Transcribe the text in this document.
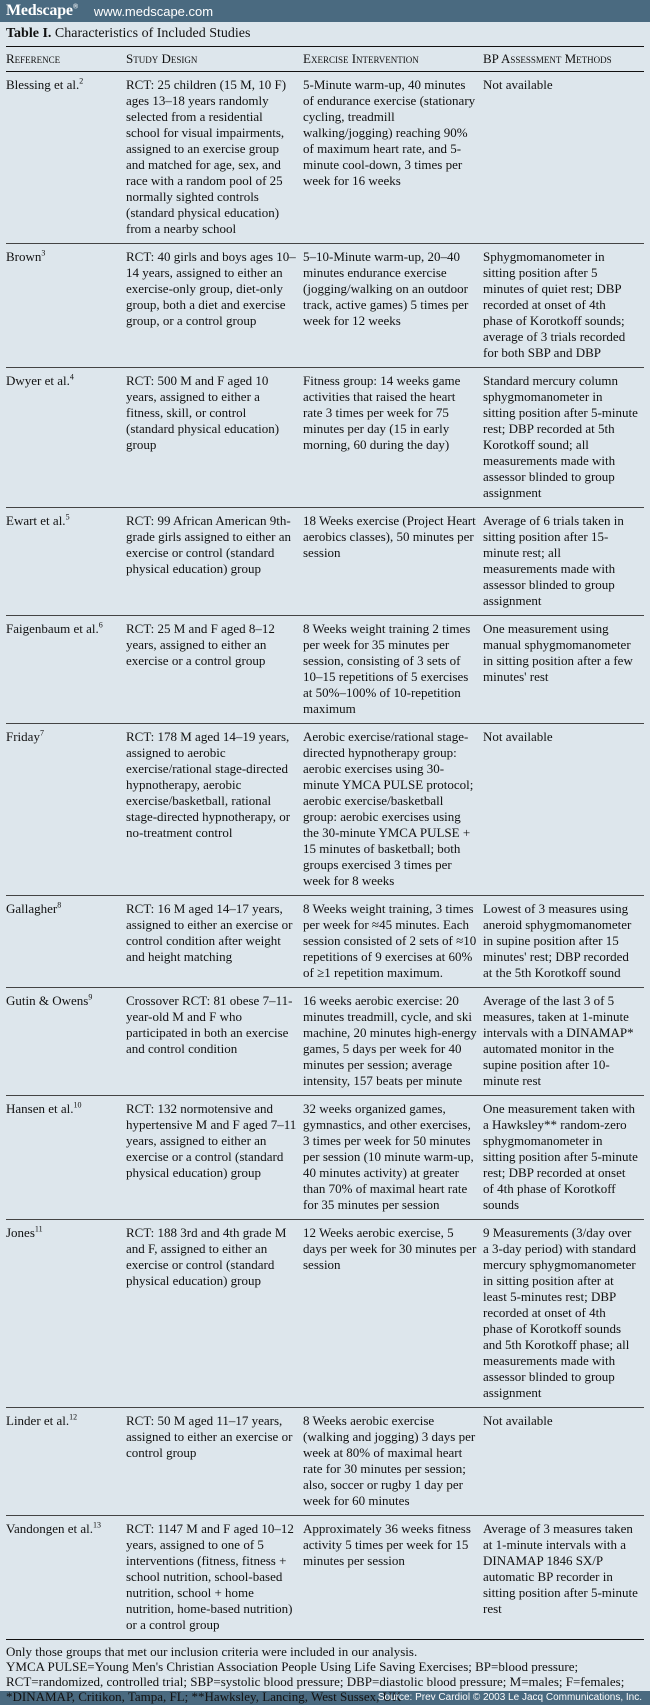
Medscape® www.medscape.com
Table I. Characteristics of Included Studies
Reference	Study Design	Exercise Intervention	BP Assessment Methods
Blessing et al.$^2$	RCT: 25 children (15 M, 10 F) ages 13–18 years randomly selected from a residential school for visual impairments, assigned to an exercise group and matched for age, sex, and race with a random pool of 25 normally sighted controls (standard physical education) from a nearby school	5-Minute warm-up, 40 minutes of endurance exercise (stationary cycling, treadmill walking/jogging) reaching 90% of maximum heart rate, and 5-minute cool-down, 3 times per week for 16 weeks	Not available
Brown$^3$	RCT: 40 girls and boys ages 10–14 years, assigned to either an exercise-only group, diet-only group, both a diet and exercise group, or a control group	5–10-Minute warm-up, 20–40 minutes endurance exercise (jogging/walking on an outdoor track, active games) 5 times per week for 12 weeks	Sphygmomanometer in sitting position after 5 minutes of quiet rest; DBP recorded at onset of 4th phase of Korotkoff sounds; average of 3 trials recorded for both SBP and DBP
Dwyer et al.$^4$	RCT: 500 M and F aged 10 years, assigned to either a fitness, skill, or control (standard physical education) group	Fitness group: 14 weeks game activities that raised the heart rate 3 times per week for 75 minutes per day (15 in early morning, 60 during the day)	Standard mercury column sphygmomanometer in sitting position after 5-minute rest; DBP recorded at 5th Korotkoff sound; all measurements made with assessor blinded to group assignment
Ewart et al.$^5$	RCT: 99 African American 9th-grade girls assigned to either an exercise or control (standard physical education) group	18 Weeks exercise (Project Heart aerobics classes), 50 minutes per session	Average of 6 trials taken in sitting position after 15-minute rest; all measurements made with assessor blinded to group assignment
Faigenbaum et al.$^6$	RCT: 25 M and F aged 8–12 years, assigned to either an exercise or a control group	8 Weeks weight training 2 times per week for 35 minutes per session, consisting of 3 sets of 10–15 repetitions of 5 exercises at 50%–100% of 10-repetition maximum	One measurement using manual sphygmomanometer in sitting position after a few minutes' rest
Friday$^7$	RCT: 178 M aged 14–19 years, assigned to aerobic exercise/rational stage-directed hypnotherapy, aerobic exercise/basketball, rational stage-directed hypnotherapy, or no-treatment control	Aerobic exercise/rational stage-directed hypnotherapy group: aerobic exercises using 30-minute YMCA PULSE protocol; aerobic exercise/basketball group: aerobic exercises using the 30-minute YMCA PULSE + 15 minutes of basketball; both groups exercised 3 times per week for 8 weeks	Not available
Gallagher$^8$	RCT: 16 M aged 14–17 years, assigned to either an exercise or control condition after weight and height matching	8 Weeks weight training, 3 times per week for ≈45 minutes. Each session consisted of 2 sets of ≈10 repetitions of 9 exercises at 60% of ≥1 repetition maximum.	Lowest of 3 measures using aneroid sphygmomanometer in supine position after 15 minutes' rest; DBP recorded at the 5th Korotkoff sound
Gutin & Owens$^9$	Crossover RCT: 81 obese 7–11-year-old M and F who participated in both an exercise and control condition	16 weeks aerobic exercise: 20 minutes treadmill, cycle, and ski machine, 20 minutes high-energy games, 5 days per week for 40 minutes per session; average intensity, 157 beats per minute	Average of the last 3 of 5 measures, taken at 1-minute intervals with a DINAMAP* automated monitor in the supine position after 10-minute rest
Hansen et al.$^{10}$	RCT: 132 normotensive and hypertensive M and F aged 7–11 years, assigned to either an exercise or a control (standard physical education) group	32 weeks organized games, gymnastics, and other exercises, 3 times per week for 50 minutes per session (10 minute warm-up, 40 minutes activity) at greater than 70% of maximal heart rate for 35 minutes per session	One measurement taken with a Hawksley** random-zero sphygmomanometer in sitting position after 5-minute rest; DBP recorded at onset of 4th phase of Korotkoff sounds
Jones$^{11}$	RCT: 188 3rd and 4th grade M and F, assigned to either an exercise or control (standard physical education) group	12 Weeks aerobic exercise, 5 days per week for 30 minutes per session	9 Measurements (3/day over a 3-day period) with standard mercury sphygmomanometer in sitting position after at least 5-minutes rest; DBP recorded at onset of 4th phase of Korotkoff sounds and 5th Korotkoff phase; all measurements made with assessor blinded to group assignment
Linder et al.$^{12}$	RCT: 50 M aged 11–17 years, assigned to either an exercise or control group	8 Weeks aerobic exercise (walking and jogging) 3 days per week at 80% of maximal heart rate for 30 minutes per session; also, soccer or rugby 1 day per week for 60 minutes	Not available
Vandongen et al.$^{13}$	RCT: 1147 M and F aged 10–12 years, assigned to one of 5 interventions (fitness, fitness + school nutrition, school-based nutrition, school + home nutrition, home-based nutrition) or a control group	Approximately 36 weeks fitness activity 5 times per week for 15 minutes per session	Average of 3 measures taken at 1-minute intervals with a DINAMAP 1846 SX/P automatic BP recorder in sitting position after 5-minute rest
Only those groups that met our inclusion criteria were included in our analysis.
YMCA PULSE=Young Men's Christian Association People Using Life Saving Exercises; BP=blood pressure; RCT=randomized, controlled trial; SBP=systolic blood pressure; DBP=diastolic blood pressure; M=males; F=females; *DINAMAP, Critikon, Tampa, FL; **Hawksley, Lancing, West Sussex, UK
Source: Prev Cardiol © 2003 Le Jacq Communications, Inc.
